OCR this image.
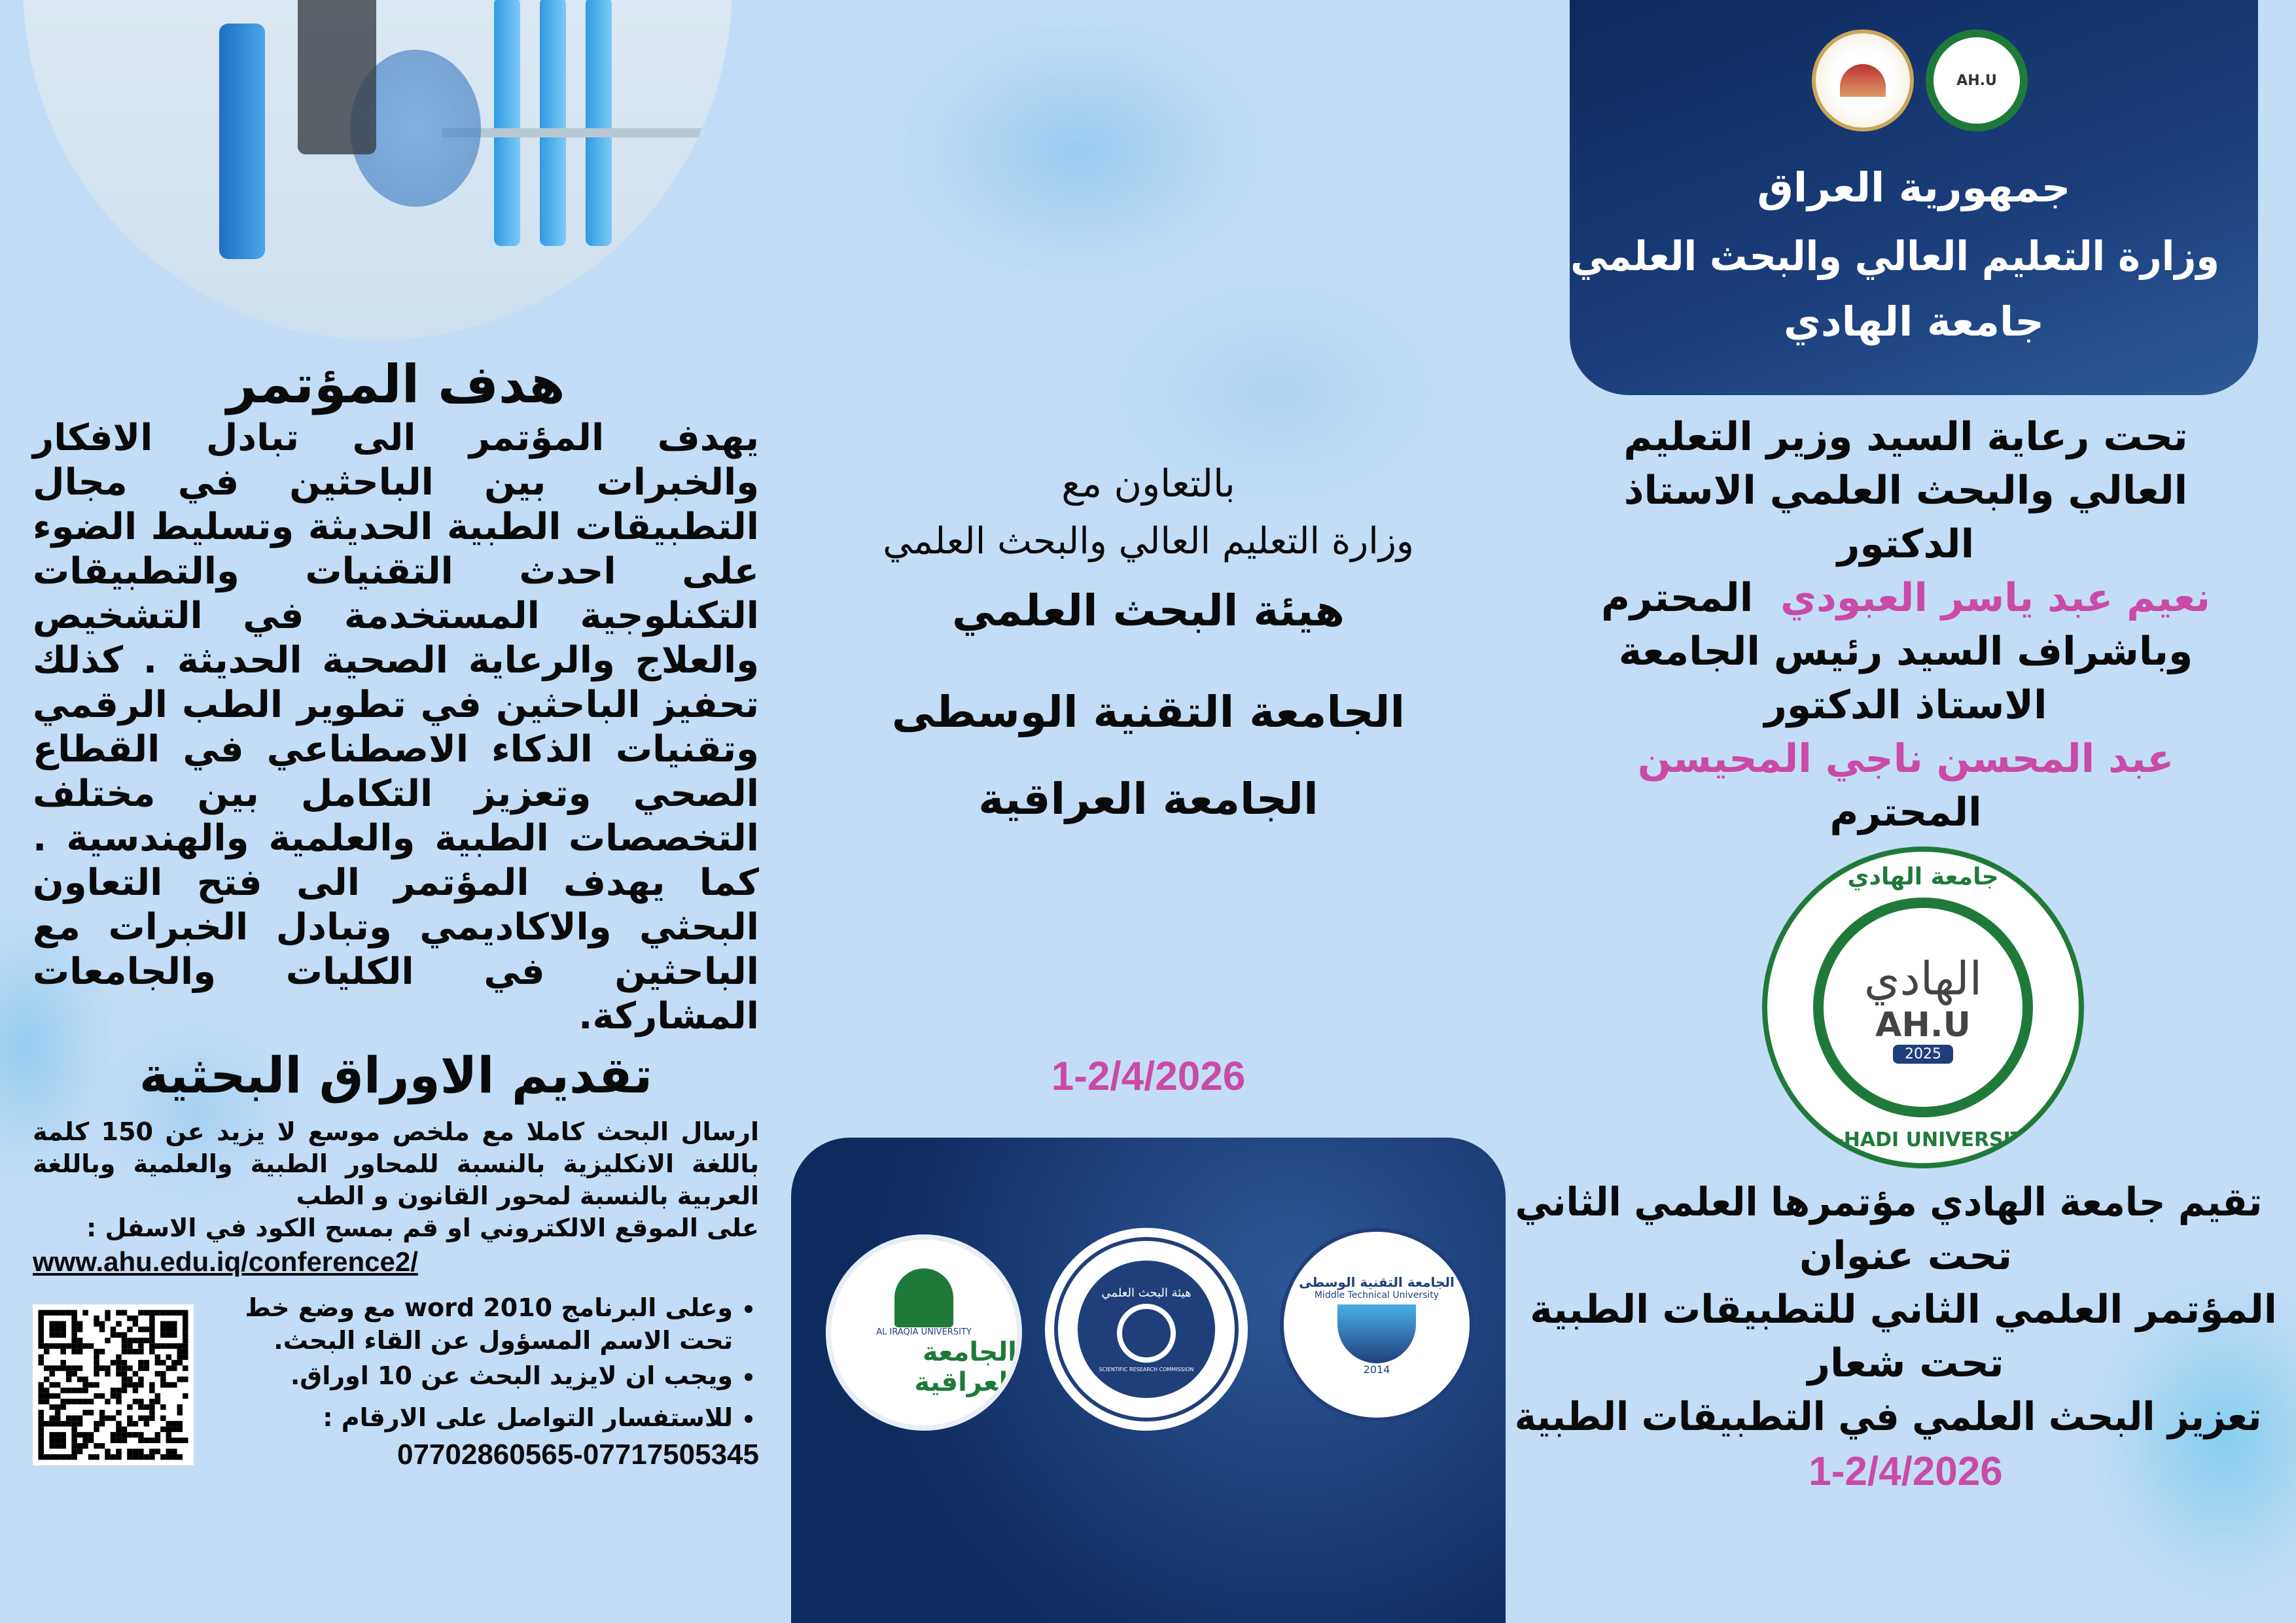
AH.U
جمهورية العراق
وزارة التعليم العالي والبحث العلمي
جامعة الهادي
تحت رعاية السيد وزير التعليم
العالي والبحث العلمي الاستاذ
الدكتور
نعيم عبد ياسر العبودي  المحترم
وباشراف السيد رئيس الجامعة
الاستاذ الدكتور
عبد المحسن ناجي المحيسن
المحترم
جامعة الهادي
الهادي
AH.U
2025
AL-HADI UNIVERSITY
تقيم جامعة الهادي مؤتمرها العلمي الثاني
تحت عنوان
المؤتمر العلمي الثاني للتطبيقات الطبية
تحت شعار
تعزيز البحث العلمي في التطبيقات الطبية
1-2/4/2026
بالتعاون مع
وزارة التعليم العالي والبحث العلمي
هيئة البحث العلمي
الجامعة التقنية الوسطى
الجامعة العراقية
1-2/4/2026
AL IRAQIA UNIVERSITY
الجامعة العراقية
هيئة البحث العلمي
SCIENTIFIC RESEARCH COMMISSION
الجامعة التقنية الوسطى
Middle Technical University
2014
هدف المؤتمر
يهدف المؤتمر الى تبادل الافكار والخبرات بين الباحثين في مجال التطبيقات الطبية الحديثة وتسليط الضوء على احدث التقنيات والتطبيقات التكنلوجية المستخدمة في التشخيص والعلاج والرعاية الصحية الحديثة . كذلك تحفيز الباحثين في تطوير الطب الرقمي وتقنيات الذكاء الاصطناعي في القطاع الصحي وتعزيز التكامل بين مختلف التخصصات الطبية والعلمية والهندسية . كما يهدف المؤتمر الى فتح التعاون البحثي والاكاديمي وتبادل الخبرات مع الباحثين في الكليات والجامعات المشاركة.
تقديم الاوراق البحثية
ارسال البحث كاملا مع ملخص موسع لا يزيد عن 150 كلمة باللغة الانكليزية بالنسبة للمحاور الطبية والعلمية وباللغة العربية بالنسبة لمحور القانون و الطب
على الموقع الالكتروني او قم بمسح الكود في الاسفل :
www.ahu.edu.iq/conference2/
• وعلى البرنامج word 2010 مع وضع خط تحت الاسم المسؤول عن القاء البحث.
• ويجب ان لايزيد البحث عن 10 اوراق.
• للاستفسار التواصل على الارقام :
07702860565-07717505345
